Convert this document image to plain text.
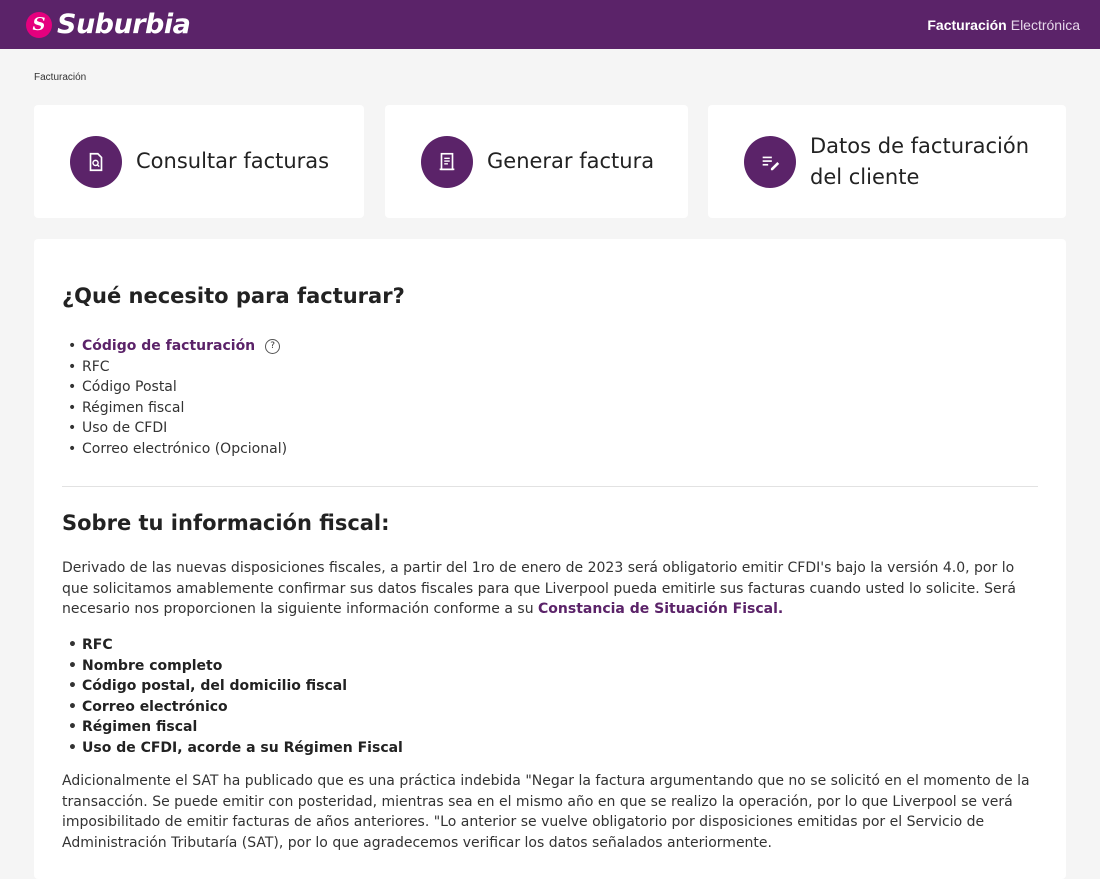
S Suburbia	Facturación Electrónica
Facturación
Consultar facturas	Generar factura
Datos de facturación del cliente
¿Qué necesito para facturar?
• Código de facturación ?
• RFC
• Código Postal
• Régimen fiscal
• Uso de CFDI
• Correo electrónico (Opcional)
Sobre tu información fiscal:

Derivado de las nuevas disposiciones fiscales, a partir del 1ro de enero de 2023 será obligatorio emitir CFDI's bajo la versión 4.0, por lo que solicitamos amablemente confirmar sus datos fiscales para que Liverpool pueda emitirle sus facturas cuando usted lo solicite. Será necesario nos proporcionen la siguiente información conforme a su Constancia de Situación Fiscal.

• RFC
• Nombre completo
• Código postal, del domicilio fiscal
• Correo electrónico
• Régimen fiscal
• Uso de CFDI, acorde a su Régimen Fiscal

Adicionalmente el SAT ha publicado que es una práctica indebida "Negar la factura argumentando que no se solicitó en el momento de la transacción. Se puede emitir con posteridad, mientras sea en el mismo año en que se realizo la operación, por lo que Liverpool se verá imposibilitado de emitir facturas de años anteriores. "Lo anterior se vuelve obligatorio por disposiciones emitidas por el Servicio de Administración Tributaría (SAT), por lo que agradecemos verificar los datos señalados anteriormente.
